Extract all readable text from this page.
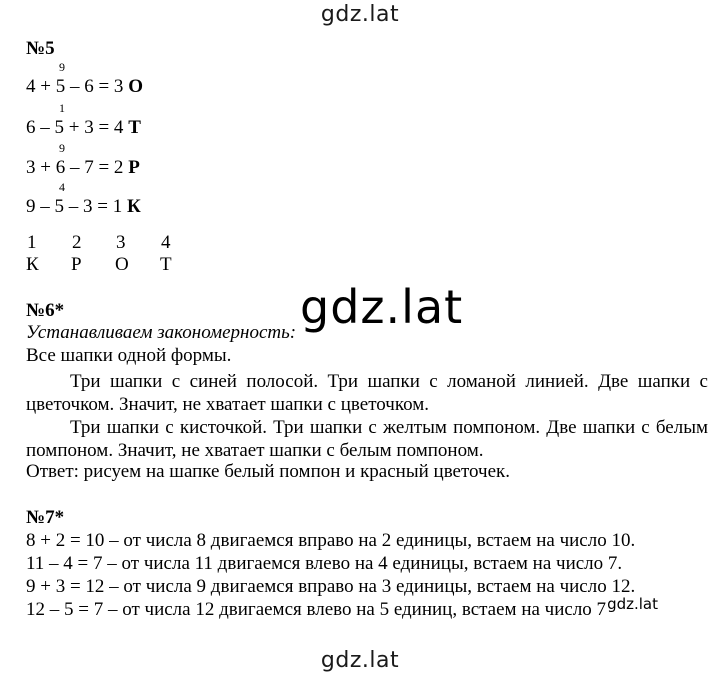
gdz.lat
gdz.lat
gdz.lat
№5
9
4 + 5 – 6 = 3 О
1
6 – 5 + 3 = 4 Т
9
3 + 6 – 7 = 2 Р
4
9 – 5 – 3 = 1 К
1 2 3 4
К Р О Т
№6*
Устанавливаем закономерность:
Все шапки одной формы.
Три шапки с синей полосой. Три шапки с ломаной линией. Две шапки с цветочком. Значит, не хватает шапки с цветочком.
Три шапки с кисточкой. Три шапки с желтым помпоном. Две шапки с белым помпоном. Значит, не хватает шапки с белым помпоном.
Ответ: рисуем на шапке белый помпон и красный цветочек.
№7*
8 + 2 = 10 – от числа 8 двигаемся вправо на 2 единицы, встаем на число 10.
11 – 4 = 7 – от числа 11 двигаемся влево на 4 единицы, встаем на число 7.
9 + 3 = 12 – от числа 9 двигаемся вправо на 3 единицы, встаем на число 12.
12 – 5 = 7 – от числа 12 двигаемся влево на 5 единиц, встаем на число $7^{gdz.lat}$
